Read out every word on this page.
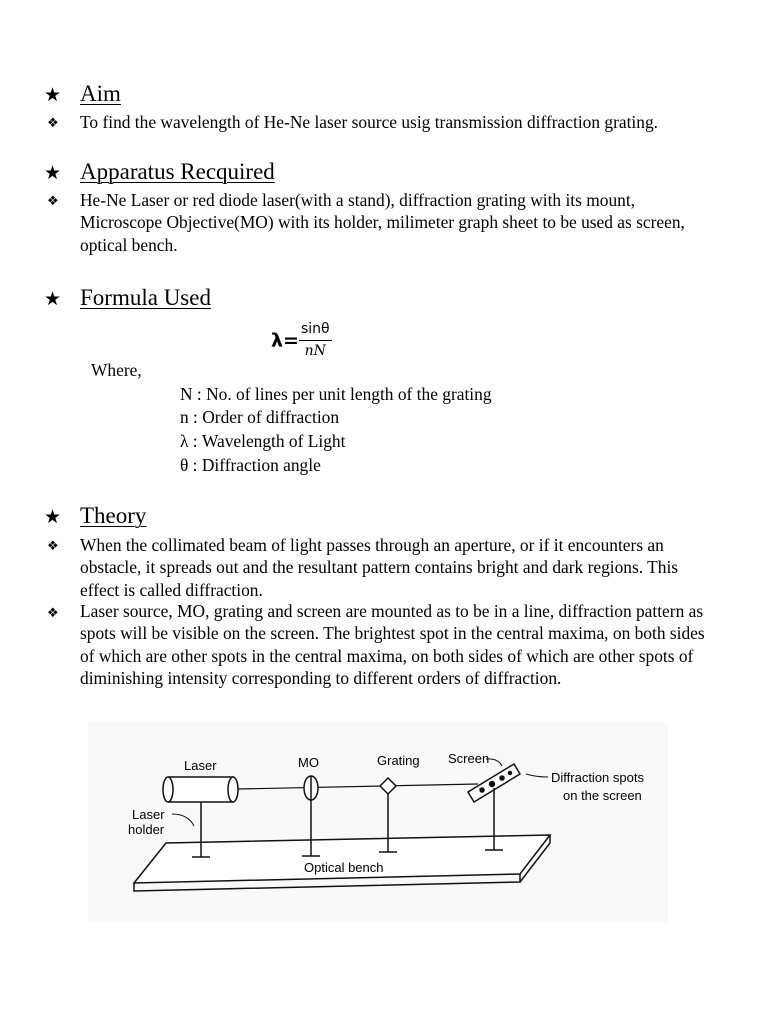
★ Aim
❖ To find the wavelength of He-Ne laser source usig transmission diffraction grating.
★ Apparatus Recquired
❖ He-Ne Laser or red diode laser(with a stand), diffraction grating with its mount, Microscope Objective(MO) with its holder, milimeter graph sheet to be used as screen, optical bench.
★ Formula Used
$\lambda= \frac{\sin\theta}{nN}$
Where,
N : No. of lines per unit length of the grating
n : Order of diffraction
λ : Wavelength of Light
θ : Diffraction angle
★ Theory
❖ When the collimated beam of light passes through an aperture, or if it encounters an obstacle, it spreads out and the resultant pattern contains bright and dark regions. This effect is called diffraction.
❖ Laser source, MO, grating and screen are mounted as to be in a line, diffraction pattern as spots will be visible on the screen. The brightest spot in the central maxima, on both sides of which are other spots in the central maxima, on both sides of which are other spots of diminishing intensity corresponding to different orders of diffraction.
Laser	MO	Grating Screen
Laser
holder
Optical bench
Diffraction spots
on the screen
